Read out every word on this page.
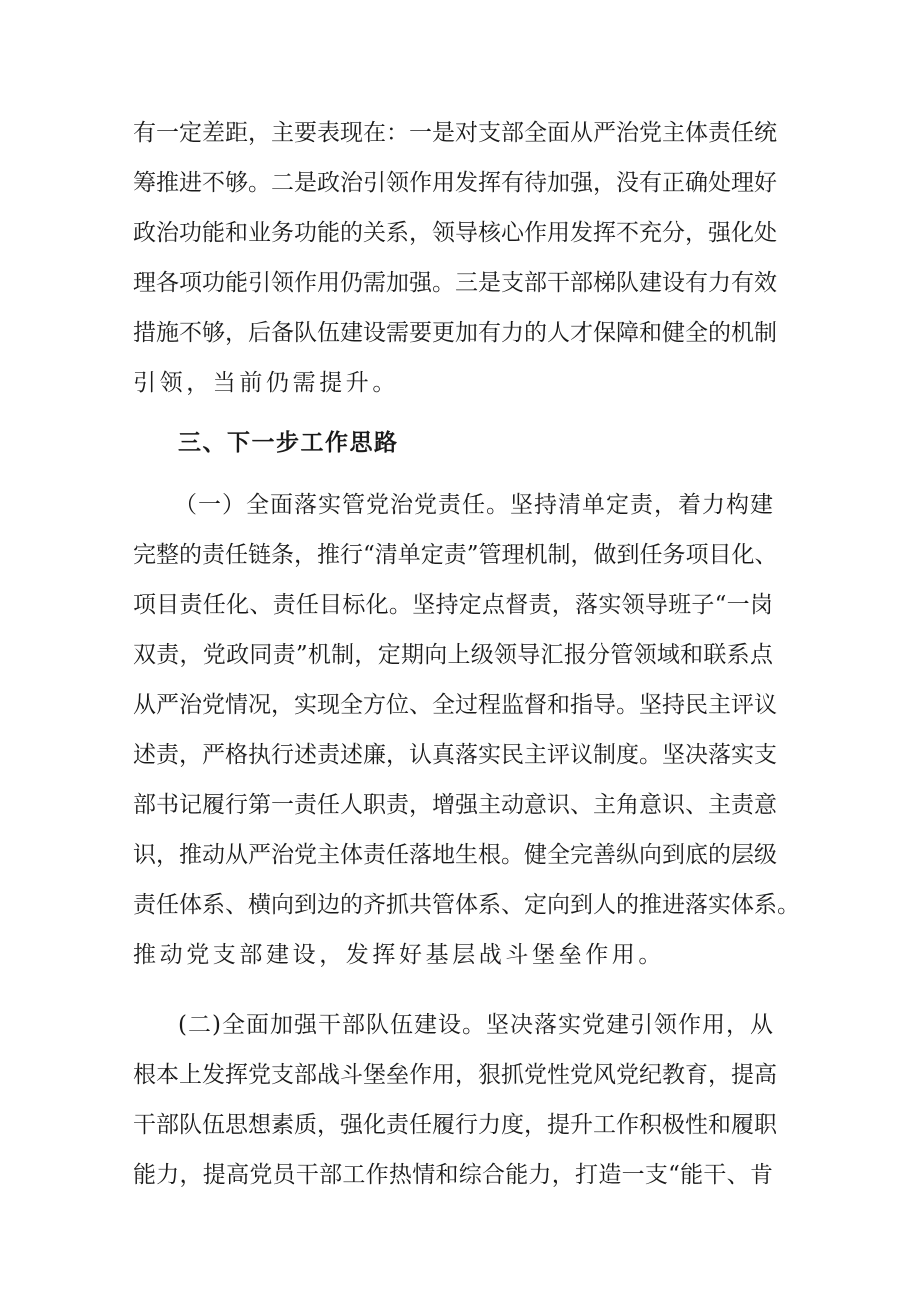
有 一 定 差 距 ， 主 要 表 现 在 ： 一 是 对 支 部 全 面 从 严 治 党 主 体 责 任 统
筹 推 进 不 够 。 二 是 政 治 引 领 作 用 发 挥 有 待 加 强 ， 没 有 正 确 处 理 好
政 治 功 能 和 业 务 功 能 的 关 系 ， 领 导 核 心 作 用 发 挥 不 充 分 ， 强 化 处
理 各 项 功 能 引 领 作 用 仍 需 加 强 。 三 是 支 部 干 部 梯 队 建 设 有 力 有 效
措 施 不 够 ， 后 备 队 伍 建 设 需 要 更 加 有 力 的 人 才 保 障 和 健 全 的 机 制
引领，当前仍需提升。
三、下一步工作思路
（ 一 ） 全 面 落 实 管 党 治 党 责 任 。 坚 持 清 单 定 责 ， 着 力 构 建
完 整 的 责 任 链 条 ， 推 行 “ 清 单 定 责 ” 管 理 机 制 ， 做 到 任 务 项 目 化 、
项 目 责 任 化 、 责 任 目 标 化 。 坚 持 定 点 督 责 ， 落 实 领 导 班 子 “ 一 岗
双 责 ， 党 政 同 责 ” 机 制 ， 定 期 向 上 级 领 导 汇 报 分 管 领 域 和 联 系 点
从 严 治 党 情 况 ， 实 现 全 方 位 、 全 过 程 监 督 和 指 导 。 坚 持 民 主 评 议
述 责 ， 严 格 执 行 述 责 述 廉 ， 认 真 落 实 民 主 评 议 制 度 。 坚 决 落 实 支
部 书 记 履 行 第 一 责 任 人 职 责 ， 增 强 主 动 意 识 、 主 角 意 识 、 主 责 意
识 ， 推 动 从 严 治 党 主 体 责 任 落 地 生 根 。 健 全 完 善 纵 向 到 底 的 层 级
责 任 体 系 、 横 向 到 边 的 齐 抓 共 管 体 系 、 定 向 到 人 的 推 进 落 实 体 系 。
推动党支部建设，发挥好基层战斗堡垒作用。
( 二 ) 全 面 加 强 干 部 队 伍 建 设 。 坚 决 落 实 党 建 引 领 作 用 ， 从
根 本 上 发 挥 党 支 部 战 斗 堡 垒 作 用 ， 狠 抓 党 性 党 风 党 纪 教 育 ， 提 高
干 部 队 伍 思 想 素 质 ， 强 化 责 任 履 行 力 度 ， 提 升 工 作 积 极 性 和 履 职
能 力 ， 提 高 党 员 干 部 工 作 热 情 和 综 合 能 力 ， 打 造 一 支 “ 能 干 、 肯
